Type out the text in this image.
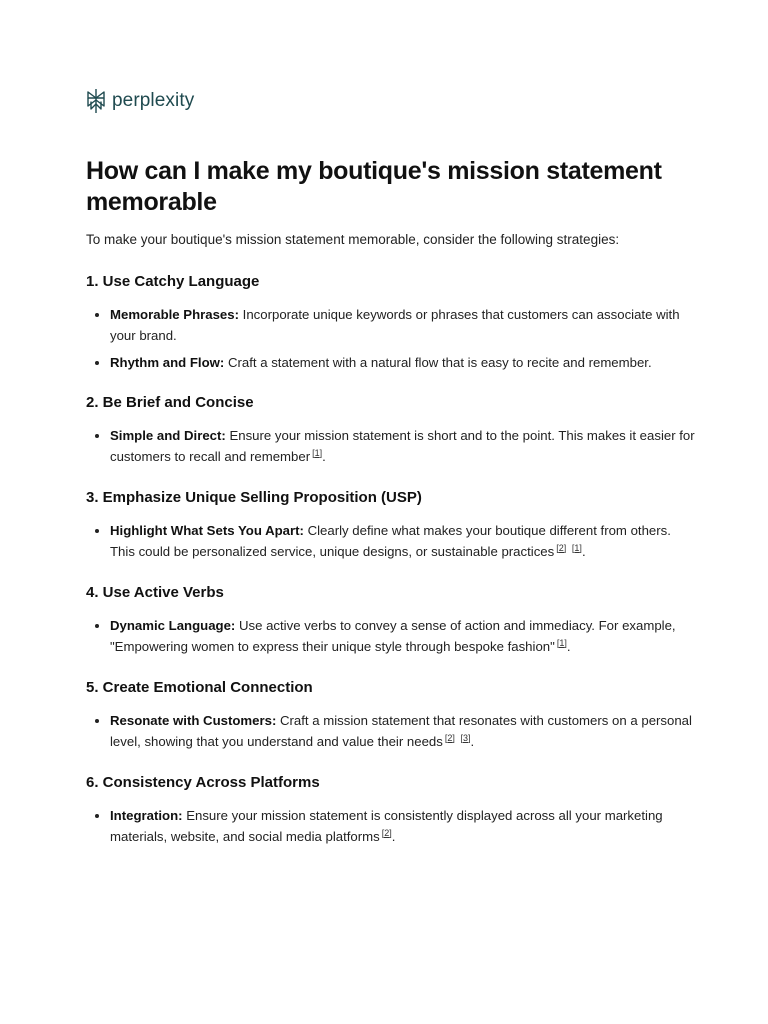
perplexity
How can I make my boutique's mission statement memorable

To make your boutique's mission statement memorable, consider the following strategies:

1. Use Catchy Language
• Memorable Phrases: Incorporate unique keywords or phrases that customers can associate with your brand.
• Rhythm and Flow: Craft a statement with a natural flow that is easy to recite and remember.
2. Be Brief and Concise
• Simple and Direct: Ensure your mission statement is short and to the point. This makes it easier for customers to recall and remember [1].
3. Emphasize Unique Selling Proposition (USP)
• Highlight What Sets You Apart: Clearly define what makes your boutique different from others. This could be personalized service, unique designs, or sustainable practices [2] [1].
4. Use Active Verbs
• Dynamic Language: Use active verbs to convey a sense of action and immediacy. For example, "Empowering women to express their unique style through bespoke fashion" [1].
5. Create Emotional Connection
• Resonate with Customers: Craft a mission statement that resonates with customers on a personal level, showing that you understand and value their needs [2] [3].
6. Consistency Across Platforms
• Integration: Ensure your mission statement is consistently displayed across all your marketing materials, website, and social media platforms [2].
